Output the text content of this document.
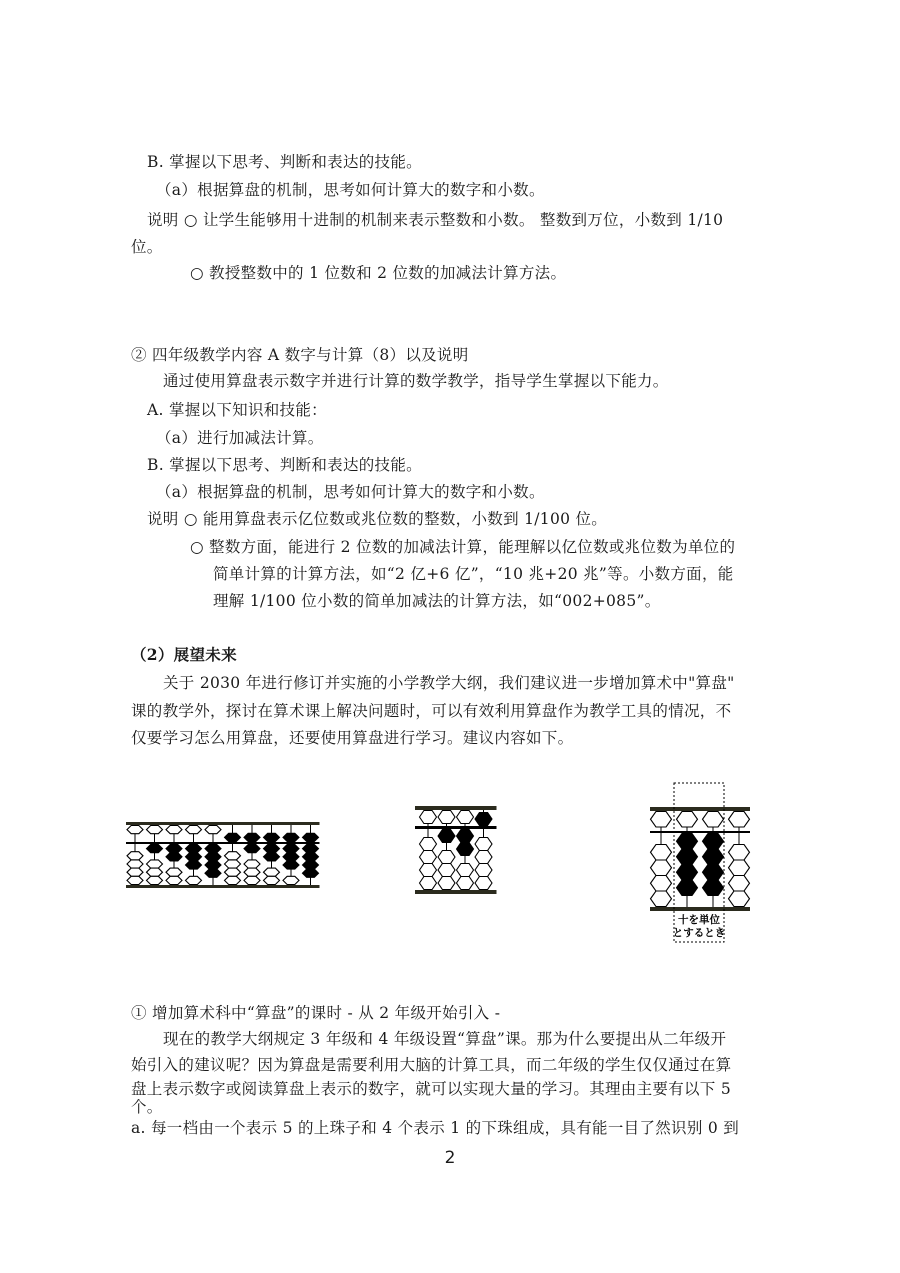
B. 掌握以下思考、判断和表达的技能。
（a）根据算盘的机制，思考如何计算大的数字和小数。
说明 ○ 让学生能够用十进制的机制来表示整数和小数。 整数到万位，小数到 1/10
位。
○ 教授整数中的 1 位数和 2 位数的加减法计算方法。
② 四年级教学内容 A 数字与计算（8）以及说明
通过使用算盘表示数字并进行计算的数学教学，指导学生掌握以下能力。
A. 掌握以下知识和技能：
（a）进行加减法计算。
B. 掌握以下思考、判断和表达的技能。
（a）根据算盘的机制，思考如何计算大的数字和小数。
说明 ○ 能用算盘表示亿位数或兆位数的整数，小数到 1/100 位。
○ 整数方面，能进行 2 位数的加减法计算，能理解以亿位数或兆位数为单位的
简单计算的计算方法，如“2 亿+6 亿”，“10 兆+20 兆”等。小数方面，能
理解 1/100 位小数的简单加减法的计算方法，如“002+085”。
（2）展望未来
关于 2030 年进行修订并实施的小学教学大纲，我们建议进一步增加算术中"算盘"
课的教学外，探讨在算术课上解决问题时，可以有效利用算盘作为教学工具的情况，不
仅要学习怎么用算盘，还要使用算盘进行学习。建议内容如下。
十を単位
とするとき
① 增加算术科中“算盘”的课时 - 从 2 年级开始引入 -
现在的教学大纲规定 3 年级和 4 年级设置“算盘”课。那为什么要提出从二年级开
始引入的建议呢？因为算盘是需要利用大脑的计算工具，而二年级的学生仅仅通过在算
盘上表示数字或阅读算盘上表示的数字，就可以实现大量的学习。其理由主要有以下 5
个。
a. 每一档由一个表示 5 的上珠子和 4 个表示 1 的下珠组成，具有能一目了然识别 0 到
2
